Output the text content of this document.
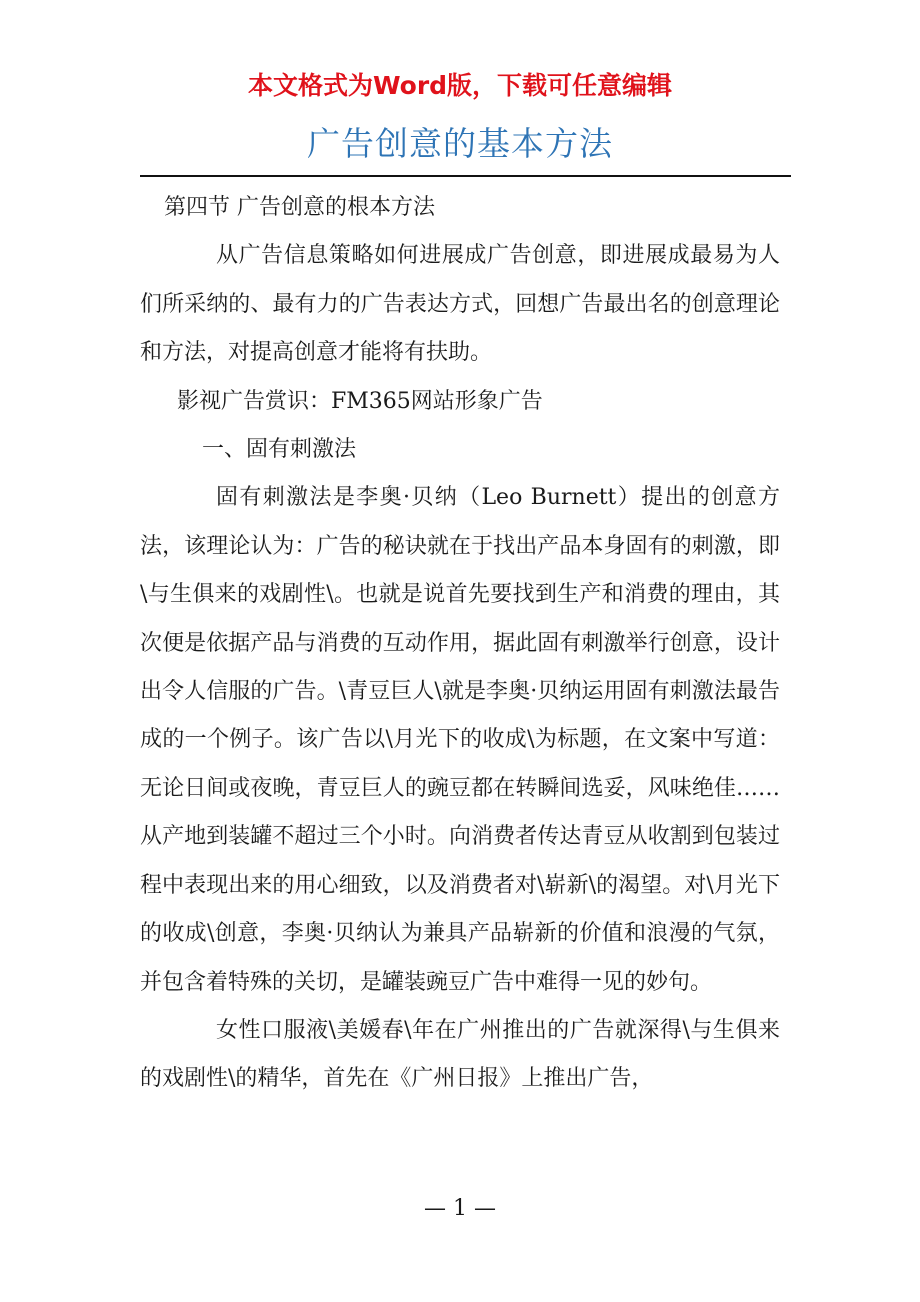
本文格式为Word版，下载可任意编辑
广告创意的基本方法

第四节 广告创意的根本方法

从广告信息策略如何进展成广告创意，即进展成最易为人们所采纳的、最有力的广告表达方式，回想广告最出名的创意理论和方法，对提高创意才能将有扶助。

影视广告赏识：FM365网站形象广告

一、固有刺激法

固有刺激法是李奥·贝纳（Leo Burnett）提出的创意方法，该理论认为：广告的秘诀就在于找出产品本身固有的刺激，即\与生俱来的戏剧性\。也就是说首先要找到生产和消费的理由，其次便是依据产品与消费的互动作用，据此固有刺激举行创意，设计出令人信服的广告。\青豆巨人\就是李奥·贝纳运用固有刺激法最告成的一个例子。该广告以\月光下的收成\为标题，在文案中写道：无论日间或夜晚，青豆巨人的豌豆都在转瞬间选妥，风味绝佳……从产地到装罐不超过三个小时。向消费者传达青豆从收割到包装过程中表现出来的用心细致，以及消费者对\崭新\的渴望。对\月光下的收成\创意，李奥·贝纳认为兼具产品崭新的价值和浪漫的气氛，并包含着特殊的关切，是罐装豌豆广告中难得一见的妙句。

女性口服液\美媛春\年在广州推出的广告就深得\与生俱来的戏剧性\的精华，首先在《广州日报》上推出广告，

— 1 —
